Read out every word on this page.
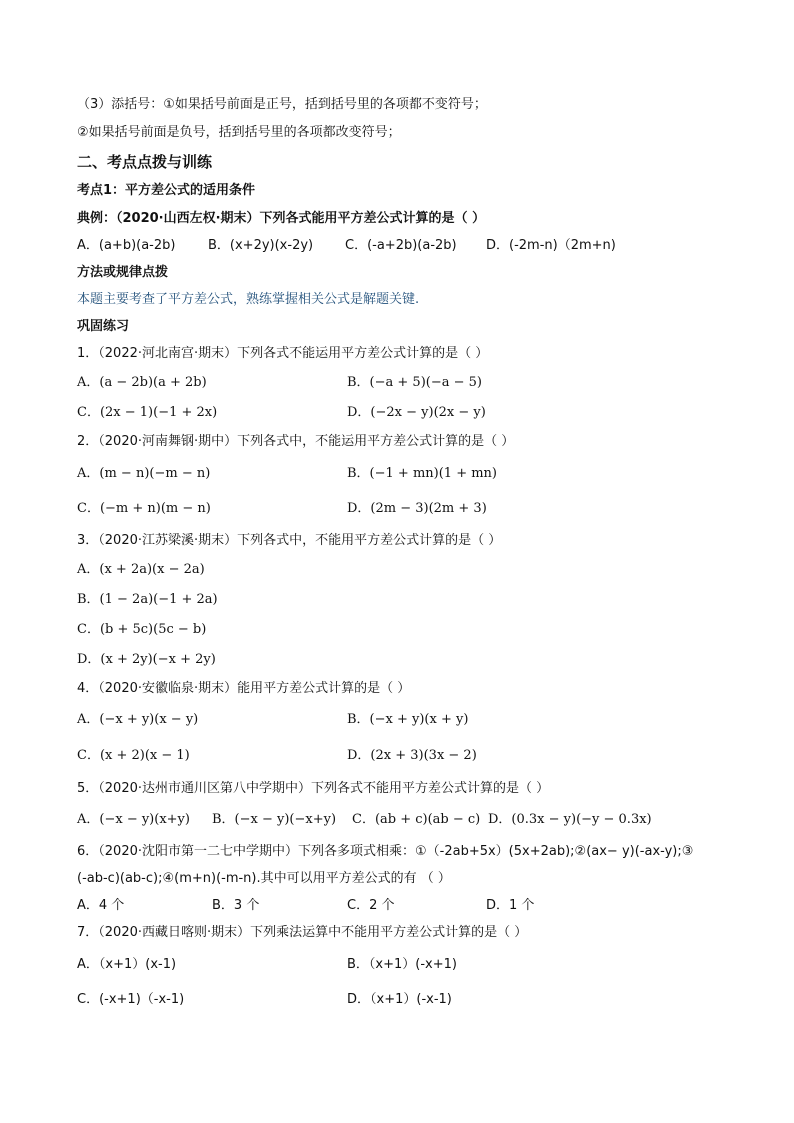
（3）添括号：①如果括号前面是正号，括到括号里的各项都不变符号；
②如果括号前面是负号，括到括号里的各项都改变符号；
二、考点点拨与训练
考点1：平方差公式的适用条件
典例：（2020·山西左权·期末）下列各式能用平方差公式计算的是（ ）
A．(a+b)(a-2b)	B．(x+2y)(x-2y) C．(-a+2b)(a-2b) D．(-2m-n)（2m+n)
方法或规律点拨
本题主要考查了平方差公式，熟练掌握相关公式是解题关键.
巩固练习
1．（2022·河北南宫·期末）下列各式不能运用平方差公式计算的是（ ）
A．(a − 2b)(a + 2b)	B．(−a + 5)(−a − 5)
C．(2x − 1)(−1 + 2x)	D．(−2x − y)(2x − y)
2．（2020·河南舞钢·期中）下列各式中，不能运用平方差公式计算的是（ ）
A．(m − n)(−m − n)	B．(−1 + mn)(1 + mn)
C．(−m + n)(m − n)	D．(2m − 3)(2m + 3)
3．（2020·江苏梁溪·期末）下列各式中，不能用平方差公式计算的是（ ）
A．(x + 2a)(x − 2a)
B．(1 − 2a)(−1 + 2a)
C．(b + 5c)(5c − b)
D．(x + 2y)(−x + 2y)
4．（2020·安徽临泉·期末）能用平方差公式计算的是（ ）
A．(−x + y)(x − y)	B．(−x + y)(x + y)
C．(x + 2)(x − 1)	D．(2x + 3)(3x − 2)
5．（2020·达州市通川区第八中学期中）下列各式不能用平方差公式计算的是（ ）
A．(−x − y)(x+y) B．(−x − y)(−x+y) C．(ab + c)(ab − c) D．(0.3x − y)(−y − 0.3x)
6．（2020·沈阳市第一二七中学期中）下列各多项式相乘：①（-2ab+5x）(5x+2ab);②(ax− y)(-ax-y);③
(-ab-c)(ab-c);④(m+n)(-m-n).其中可以用平方差公式的有 （ ）
A．4 个	B．3 个	C．2 个	D．1 个
7．（2020·西藏日喀则·期末）下列乘法运算中不能用平方差公式计算的是（ ）
A．（x+1）(x-1)	B．（x+1）(-x+1)
C．(-x+1)（-x-1)	D．（x+1）(-x-1)
